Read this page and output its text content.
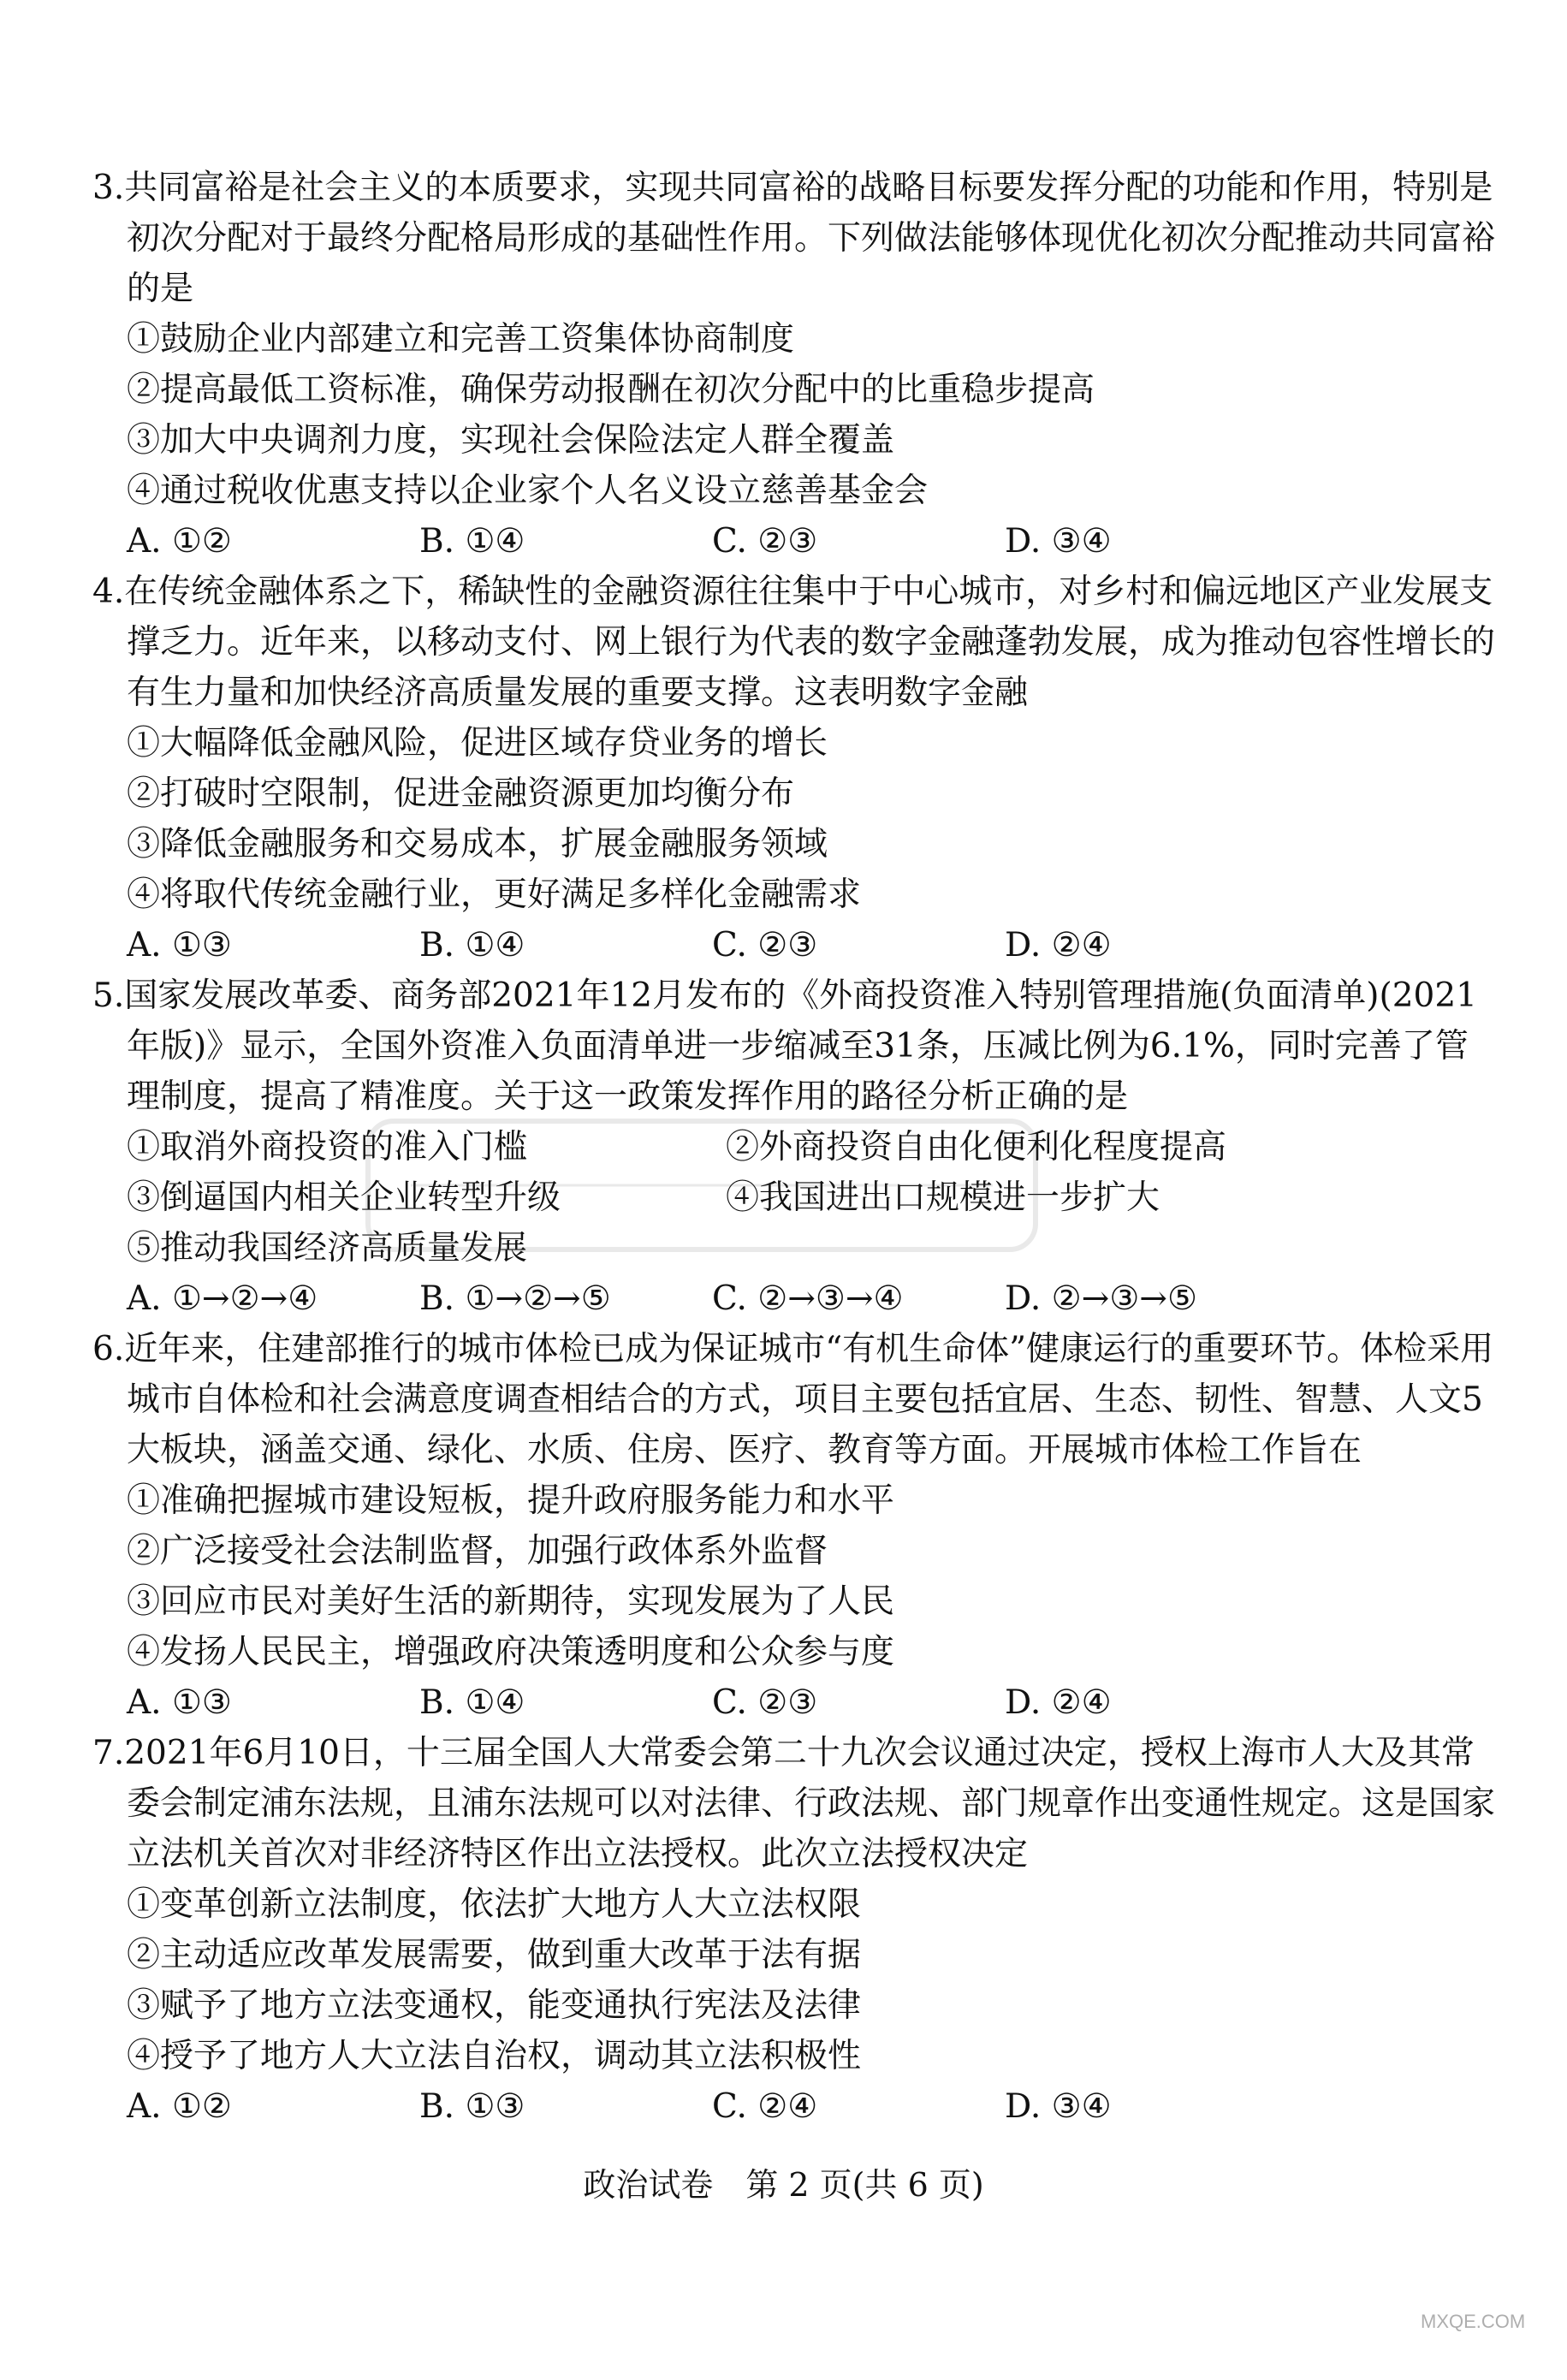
3.共同富裕是社会主义的本质要求，实现共同富裕的战略目标要发挥分配的功能和作用，特别是初次分配对于最终分配格局形成的基础性作用。下列做法能够体现优化初次分配推动共同富裕的是

①鼓励企业内部建立和完善工资集体协商制度

②提高最低工资标准，确保劳动报酬在初次分配中的比重稳步提高

③加大中央调剂力度，实现社会保险法定人群全覆盖

④通过税收优惠支持以企业家个人名义设立慈善基金会

A. ①②	B. ①④	C. ②③	D. ③④

4.在传统金融体系之下，稀缺性的金融资源往往集中于中心城市，对乡村和偏远地区产业发展支撑乏力。近年来，以移动支付、网上银行为代表的数字金融蓬勃发展，成为推动包容性增长的有生力量和加快经济高质量发展的重要支撑。这表明数字金融

①大幅降低金融风险，促进区域存贷业务的增长

②打破时空限制，促进金融资源更加均衡分布

③降低金融服务和交易成本，扩展金融服务领域

④将取代传统金融行业，更好满足多样化金融需求

A. ①③	B. ①④	C. ②③	D. ②④

5.国家发展改革委、商务部2021年12月发布的《外商投资准入特别管理措施(负面清单)(2021年版)》显示，全国外资准入负面清单进一步缩减至31条，压减比例为6.1%，同时完善了管理制度，提高了精准度。关于这一政策发挥作用的路径分析正确的是

①取消外商投资的准入门槛	②外商投资自由化便利化程度提高
③倒逼国内相关企业转型升级	④我国进出口规模进一步扩大

⑤推动我国经济高质量发展

A. ①→②→④	B. ①→②→⑤	C. ②→③→④	D. ②→③→⑤

6.近年来，住建部推行的城市体检已成为保证城市“有机生命体”健康运行的重要环节。体检采用城市自体检和社会满意度调查相结合的方式，项目主要包括宜居、生态、韧性、智慧、人文5大板块，涵盖交通、绿化、水质、住房、医疗、教育等方面。开展城市体检工作旨在

①准确把握城市建设短板，提升政府服务能力和水平

②广泛接受社会法制监督，加强行政体系外监督

③回应市民对美好生活的新期待，实现发展为了人民

④发扬人民民主，增强政府决策透明度和公众参与度

A. ①③	B. ①④	C. ②③	D. ②④

7.2021年6月10日，十三届全国人大常委会第二十九次会议通过决定，授权上海市人大及其常委会制定浦东法规，且浦东法规可以对法律、行政法规、部门规章作出变通性规定。这是国家立法机关首次对非经济特区作出立法授权。此次立法授权决定

①变革创新立法制度，依法扩大地方人大立法权限

②主动适应改革发展需要，做到重大改革于法有据

③赋予了地方立法变通权，能变通执行宪法及法律

④授予了地方人大立法自治权，调动其立法积极性

A. ①②	B. ①③	C. ②④	D. ③④
政治试卷　第 2 页(共 6 页)
MXQE.COM
